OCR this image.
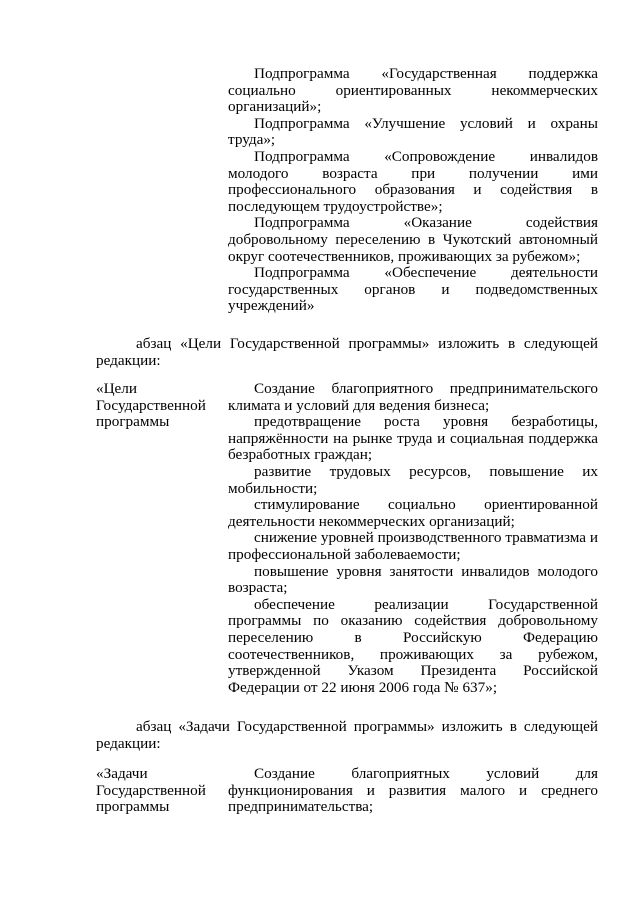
Подпрограмма «Государственная поддержка социально ориентированных некоммерческих организаций»;

Подпрограмма «Улучшение условий и охраны труда»;

Подпрограмма «Сопровождение инвалидов молодого возраста при получении ими профессионального образования и содействия в последующем трудоустройстве»;

Подпрограмма «Оказание содействия добровольному переселению в Чукотский автономный округ соотечественников, проживающих за рубежом»;

Подпрограмма «Обеспечение деятельности государственных органов и подведомственных учреждений»

абзац «Цели Государственной программы» изложить в следующей редакции:

«Цели Государственной программы

Создание благоприятного предпринимательского климата и условий для ведения бизнеса;

предотвращение роста уровня безработицы, напряжённости на рынке труда и социальная поддержка безработных граждан;

развитие трудовых ресурсов, повышение их мобильности;

стимулирование социально ориентированной деятельности некоммерческих организаций;

снижение уровней производственного травматизма и профессиональной заболеваемости;

повышение уровня занятости инвалидов молодого возраста;

обеспечение реализации Государственной программы по оказанию содействия добровольному переселению в Российскую Федерацию соотечественников, проживающих за рубежом, утвержденной Указом Президента Российской Федерации от 22 июня 2006 года № 637»;

абзац «Задачи Государственной программы» изложить в следующей редакции:

«Задачи Государственной программы

Создание благоприятных условий для функционирования и развития малого и среднего предпринимательства;
